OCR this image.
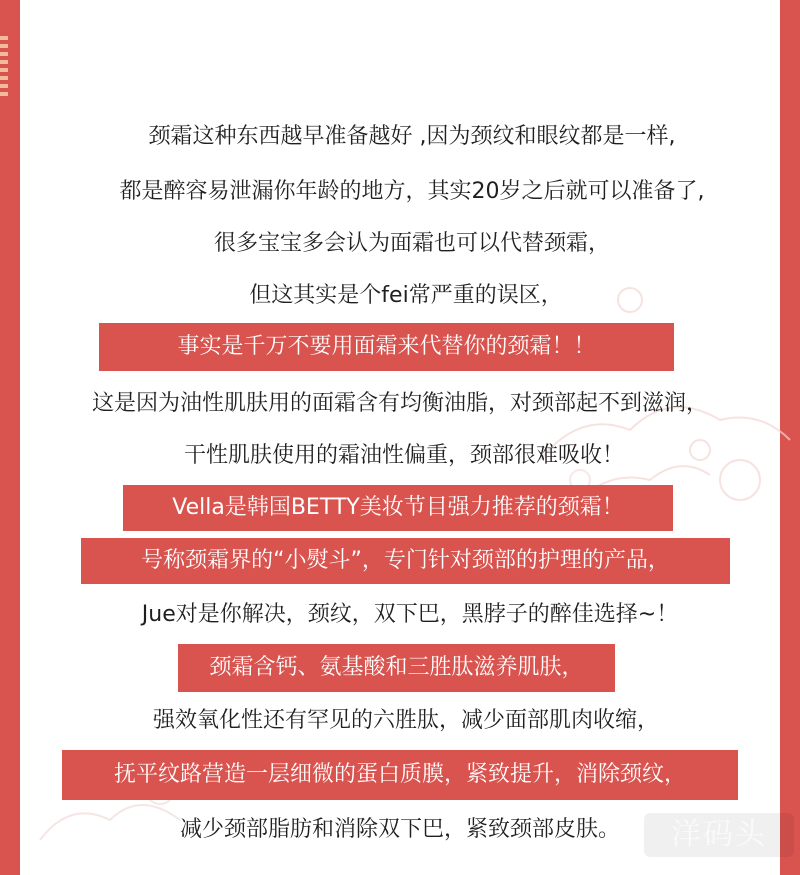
颈霜这种东西越早准备越好 ,因为颈纹和眼纹都是一样,
都是醉容易泄漏你年龄的地方，其实20岁之后就可以准备了,
很多宝宝多会认为面霜也可以代替颈霜，
但这其实是个fei常严重的误区，
事实是千万不要用面霜来代替你的颈霜！！
这是因为油性肌肤用的面霜含有均衡油脂，对颈部起不到滋润，
干性肌肤使用的霜油性偏重，颈部很难吸收！
Vella是韩国BETTY美妆节目强力推荐的颈霜！
号称颈霜界的“小熨斗”，专门针对颈部的护理的产品，
Jue对是你解决，颈纹，双下巴，黑脖子的醉佳选择~！
颈霜含钙、氨基酸和三胜肽滋养肌肤，
强效氧化性还有罕见的六胜肽，减少面部肌肉收缩，
抚平纹路营造一层细微的蛋白质膜，紧致提升，消除颈纹，
减少颈部脂肪和消除双下巴，紧致颈部皮肤。	洋码头
